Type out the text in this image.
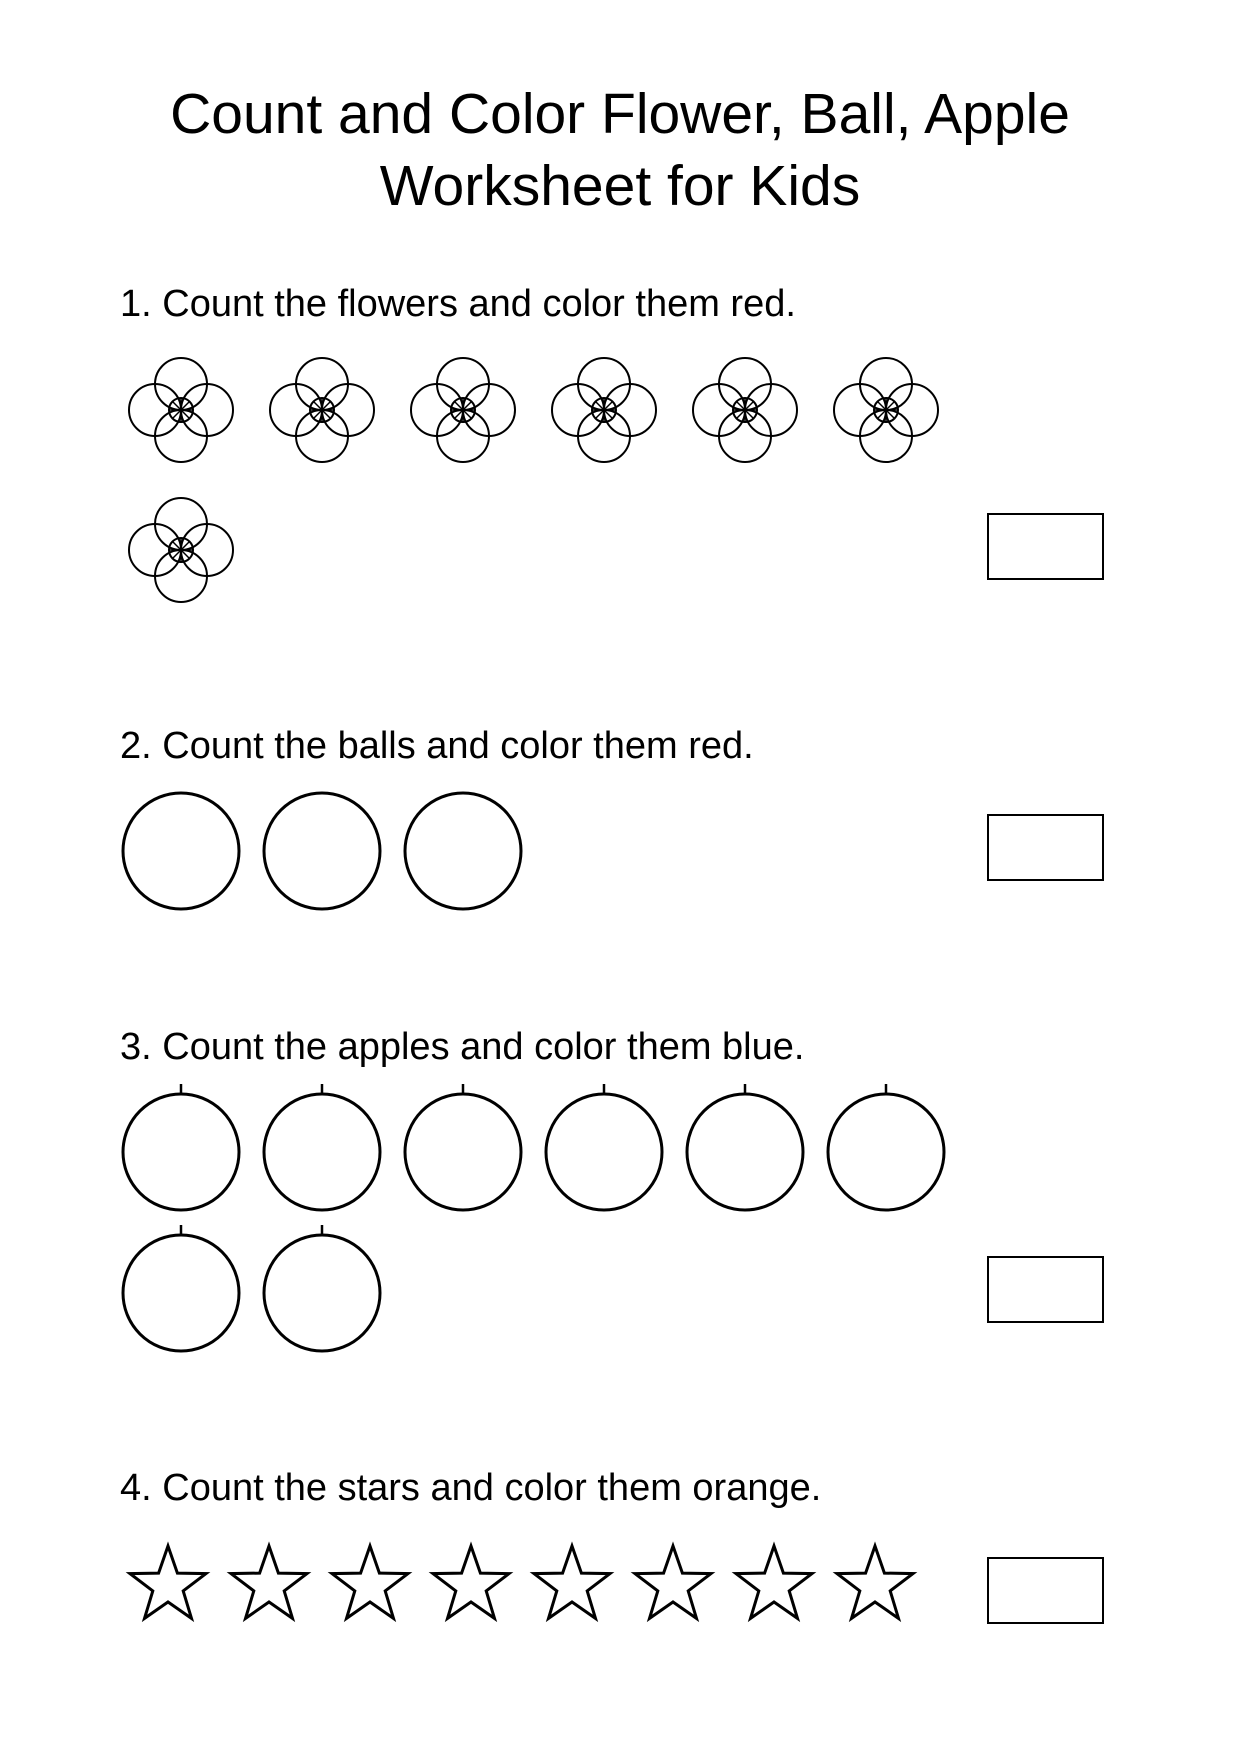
Count and Color Flower, Ball, Apple
Worksheet for Kids

1. Count the flowers and color them red.

2. Count the balls and color them red.

3. Count the apples and color them blue.

4. Count the stars and color them orange.
